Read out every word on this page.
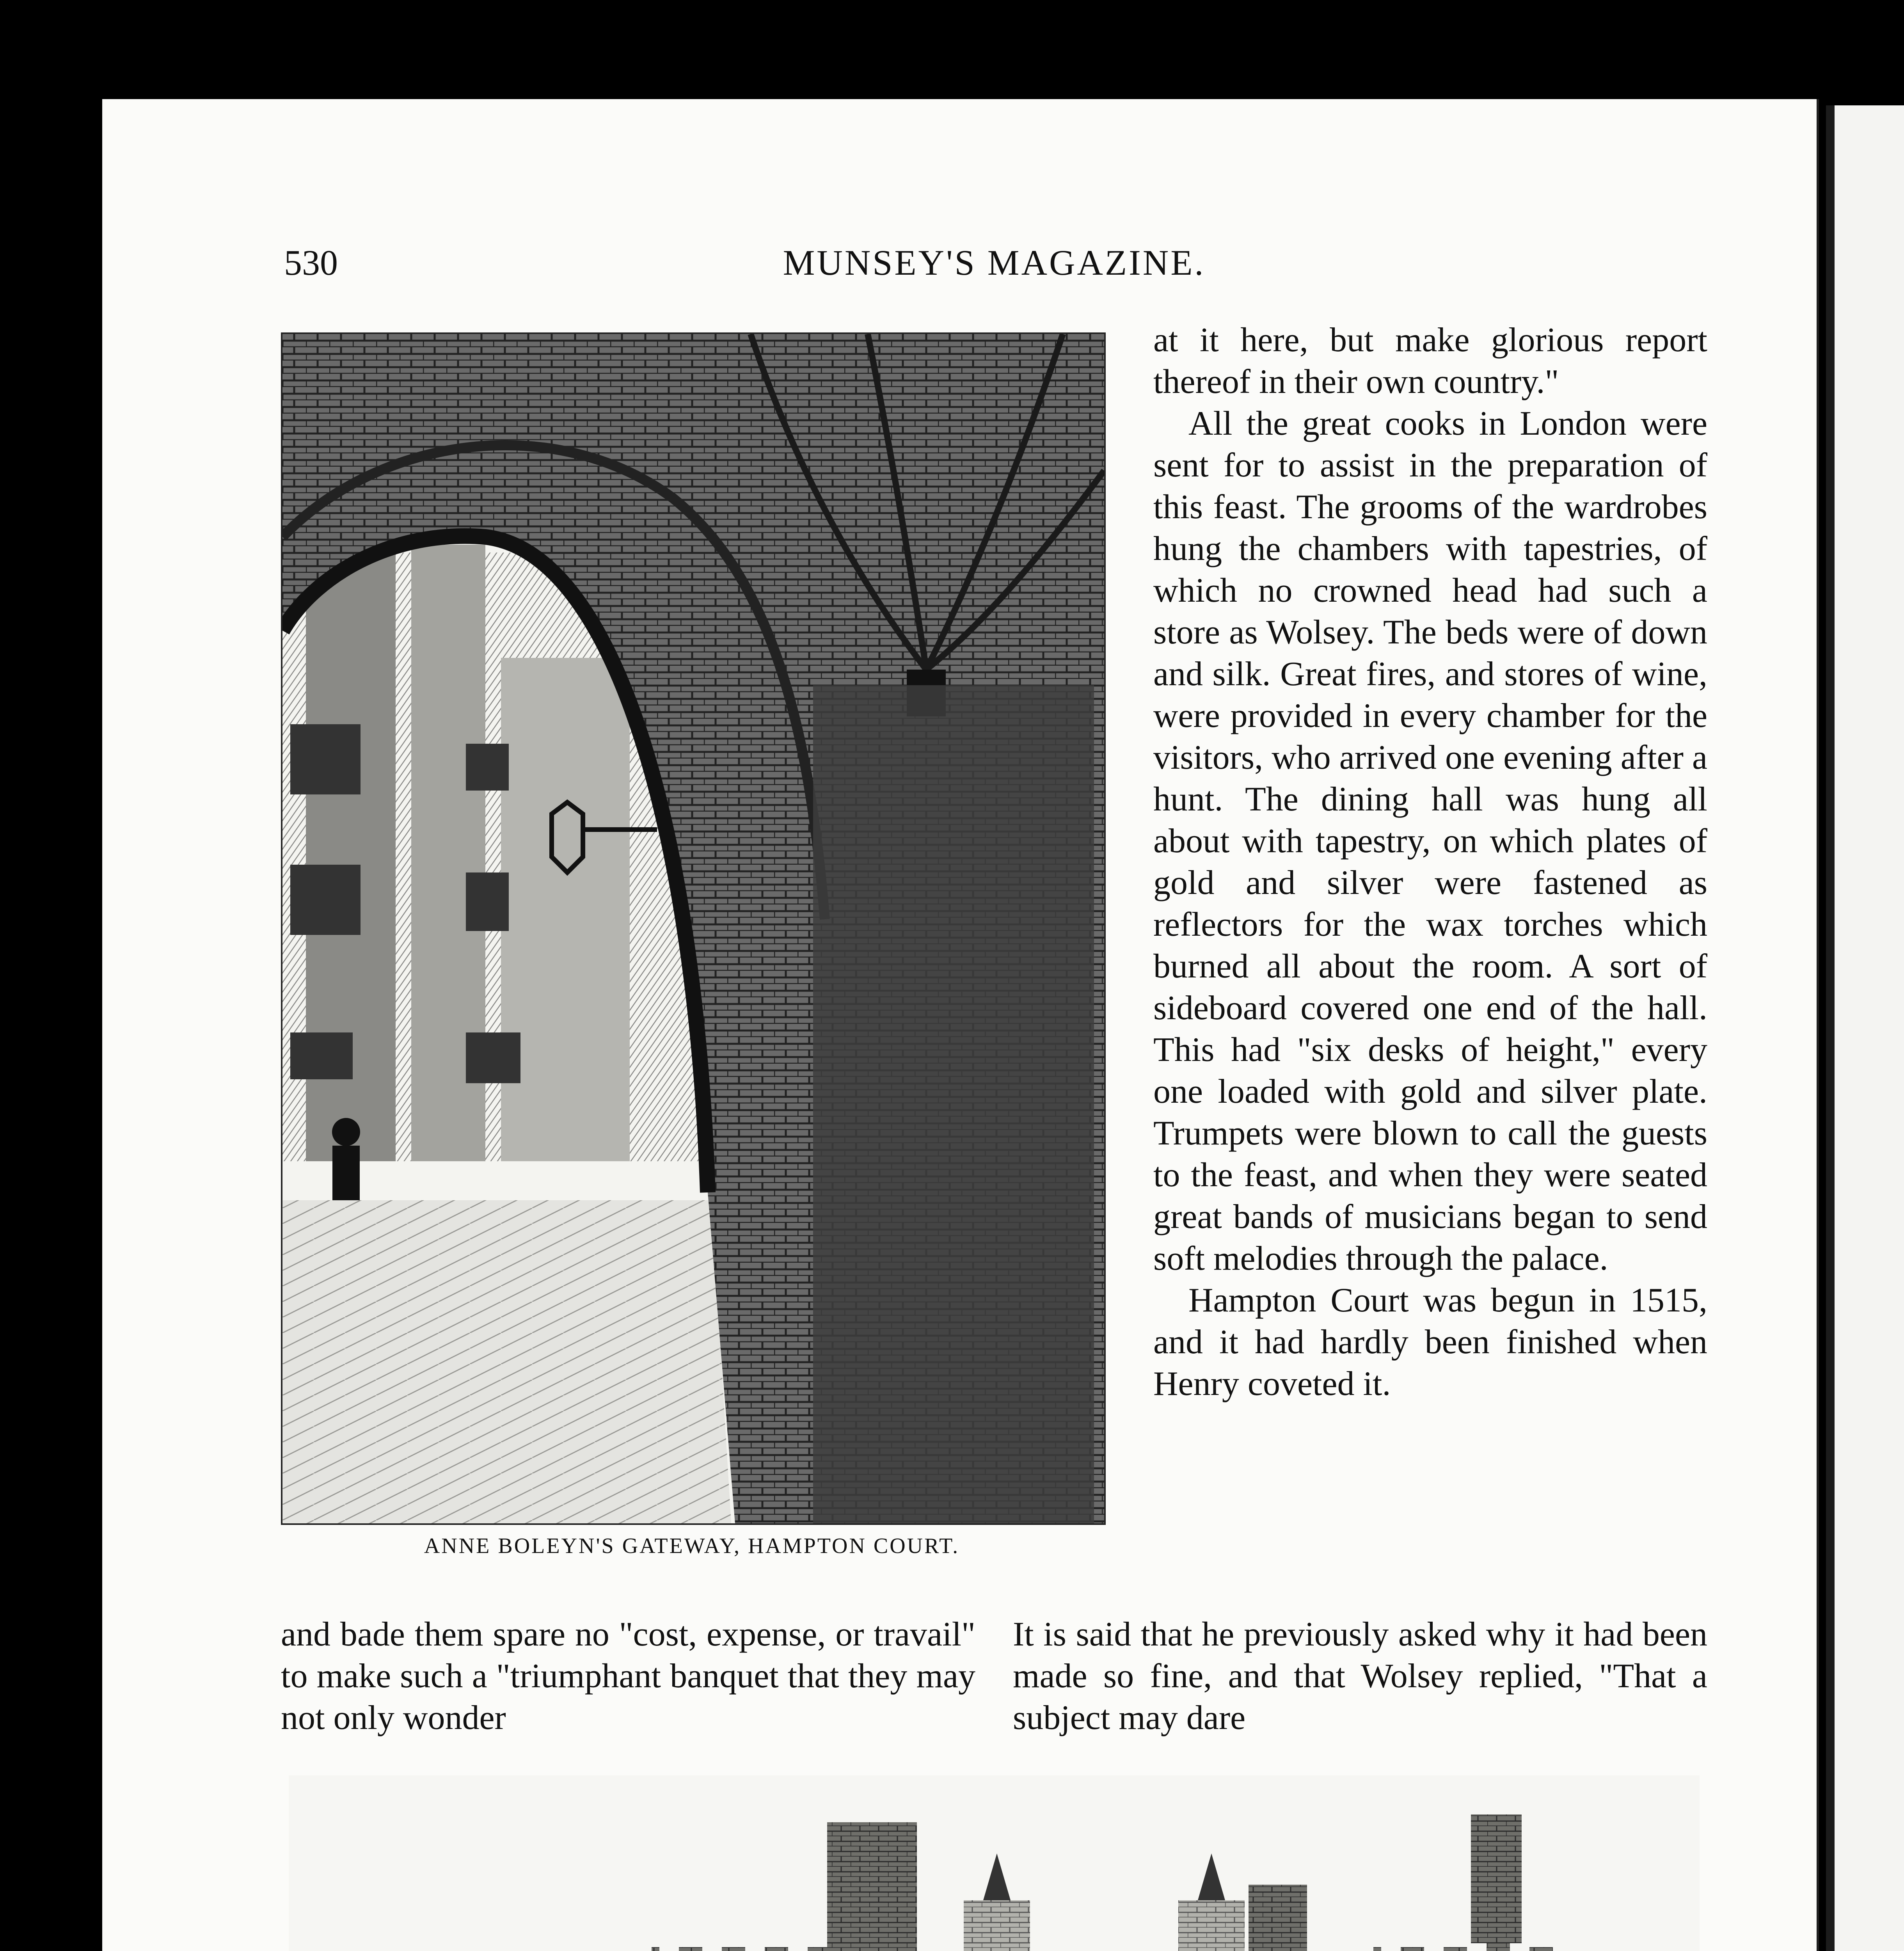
530	MUNSEY'S MAGAZINE.
ANNE BOLEYN'S GATEWAY, HAMPTON COURT.

at it here, but make glorious report thereof in their own country."

All the great cooks in London were sent for to assist in the preparation of this feast. The grooms of the wardrobes hung the chambers with tapestries, of which no crowned head had such a store as Wolsey. The beds were of down and silk. Great fires, and stores of wine, were provided in every chamber for the visitors, who arrived one evening after a hunt. The dining hall was hung all about with tapestry, on which plates of gold and silver were fastened as reflectors for the wax torches which burned all about the room. A sort of sideboard covered one end of the hall. This had "six desks of height," every one loaded with gold and silver plate. Trumpets were blown to call the guests to the feast, and when they were seated great bands of musicians began to send soft melodies through the palace.

Hampton Court was begun in 1515, and it had hardly been finished when Henry coveted it.

and bade them spare no "cost, expense, or travail" to make such a "triumphant banquet that they may not only wonder
It is said that he previously asked why it had been made so fine, and that Wolsey replied, "That a subject may dare
